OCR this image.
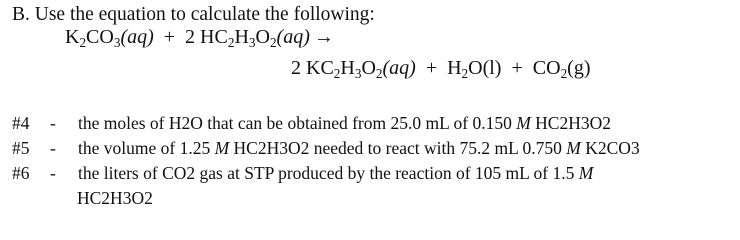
B. Use the equation to calculate the following:
$K_2CO_3(aq) + 2$ $HC_2H_3O_2(aq)$ →
2 $KC_2H_3O_2(aq) + H_2O(l) + CO_2(g)$
#4 - the moles of H2O that can be obtained from 25.0 mL of 0.150 M HC2H3O2
#5 - the volume of 1.25 M HC2H3O2 needed to react with 75.2 mL 0.750 M K2CO3
#6 - the liters of CO2 gas at STP produced by the reaction of 105 mL of 1.5 M
HC2H3O2
